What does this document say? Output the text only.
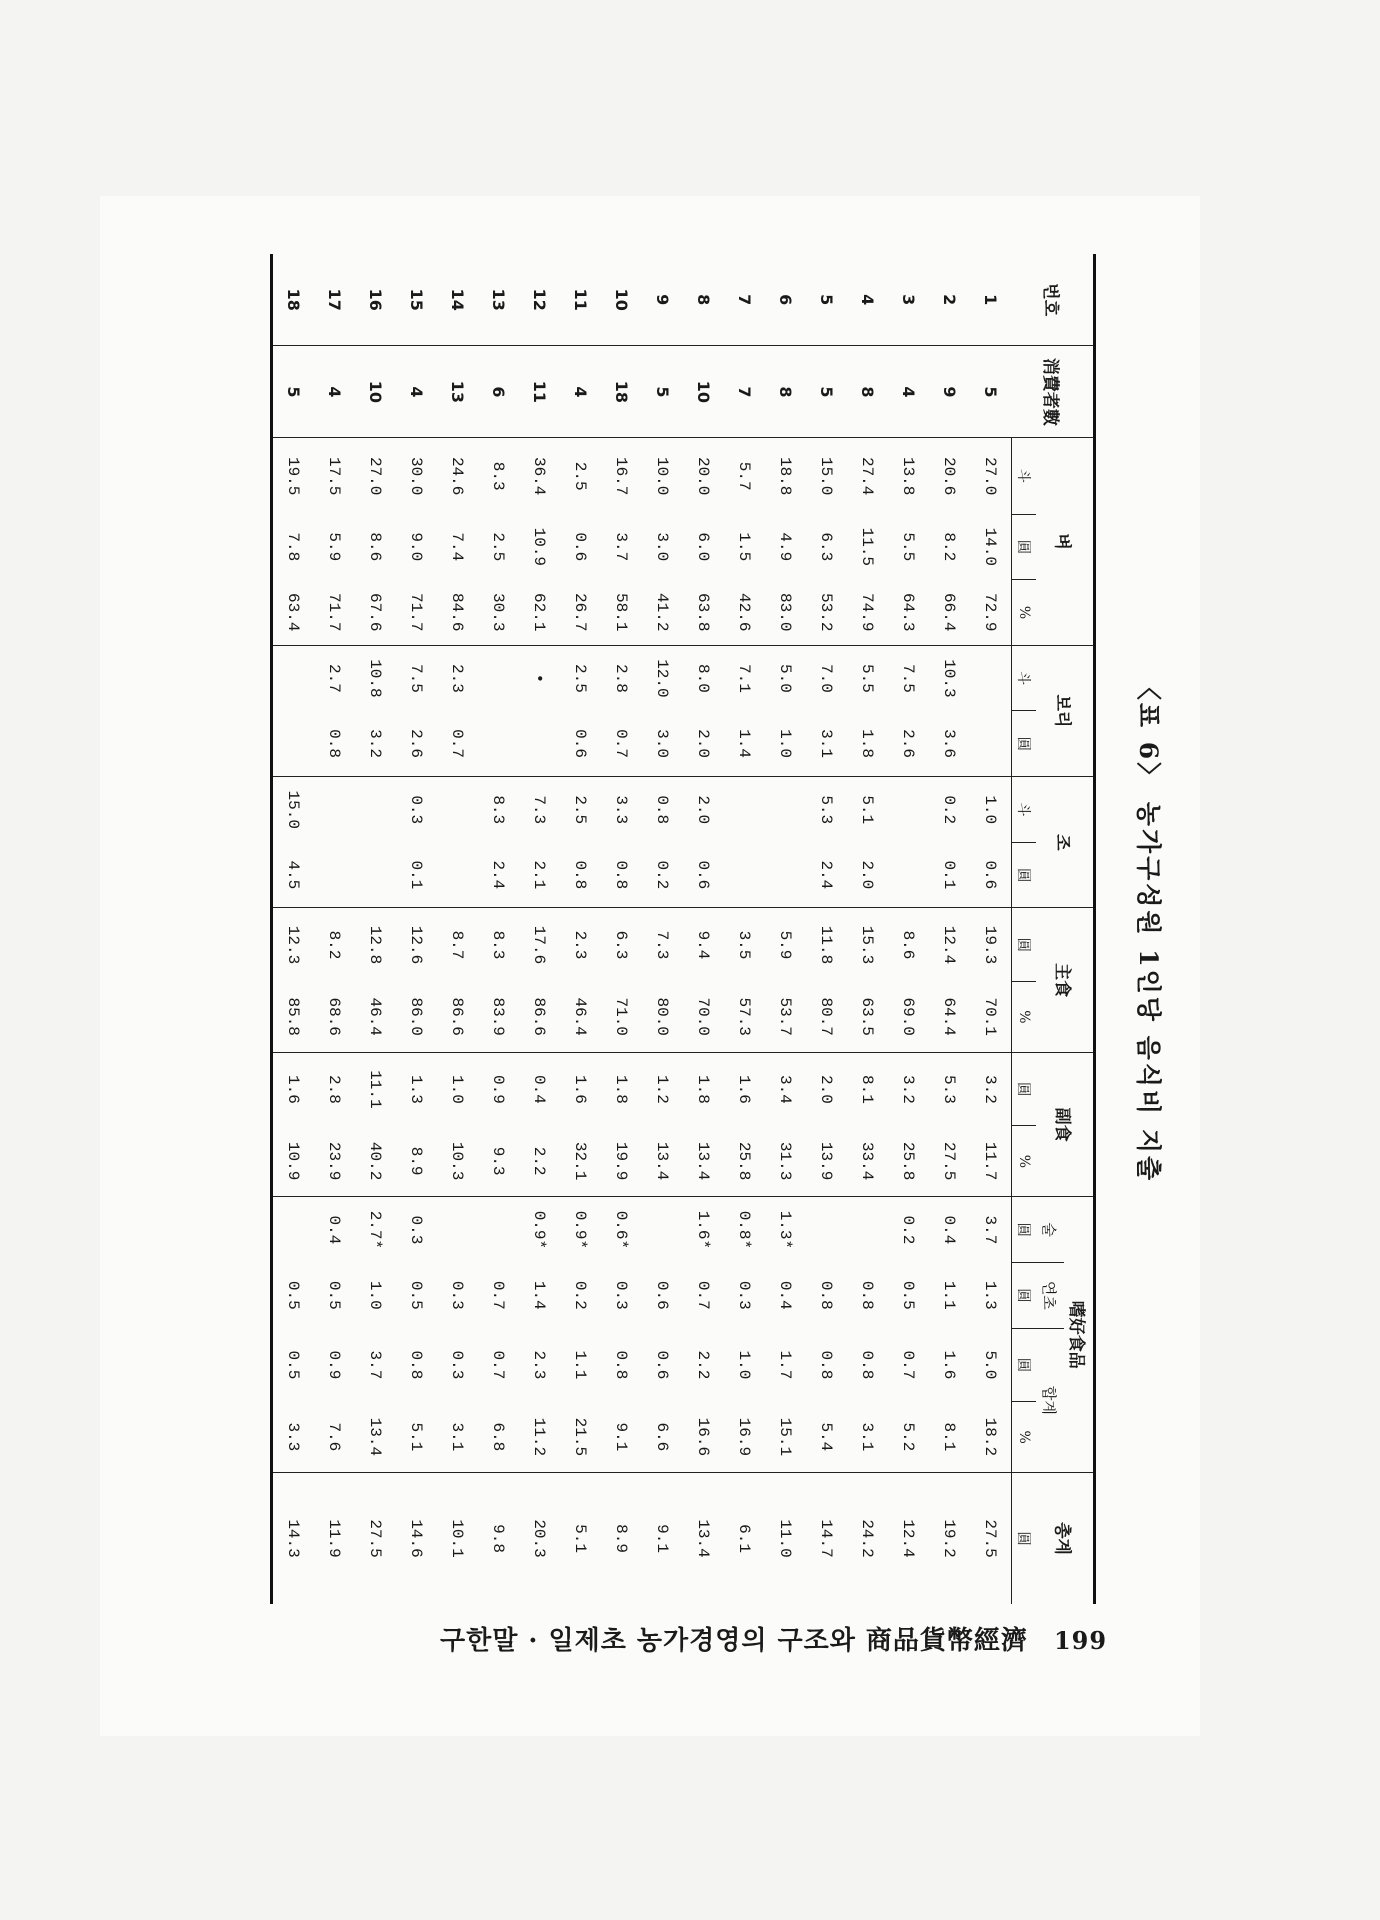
〈표 6〉 농가구성원 1인당 음식비 지출
번호	消費者數	벼			보리		조		主食		副食		嗜好食品				총계
													술	연초	합계		
		斗	圓	%	斗	圓	斗	圓	圓	%	圓	%	圓	圓	圓	%	圓
1	5	27.0	14.0	72.9			1.0	0.6	19.3	70.1	3.2	11.7	3.7	1.3	5.0	18.2	27.5
2	9	20.6	8.2	66.4	10.3	3.6	0.2	0.1	12.4	64.4	5.3	27.5	0.4	1.1	1.6	8.1	19.2
3	4	13.8	5.5	64.3	7.5	2.6			8.6	69.0	3.2	25.8	0.2	0.5	0.7	5.2	12.4
4	8	27.4	11.5	74.9	5.5	1.8	5.1	2.0	15.3	63.5	8.1	33.4		0.8	0.8	3.1	24.2
5	5	15.0	6.3	53.2	7.0	3.1	5.3	2.4	11.8	80.7	2.0	13.9		0.8	0.8	5.4	14.7
6	8	18.8	4.9	83.0	5.0	1.0			5.9	53.7	3.4	31.3	1.3*	0.4	1.7	15.1	11.0
7	7	5.7	1.5	42.6	7.1	1.4			3.5	57.3	1.6	25.8	0.8*	0.3	1.0	16.9	6.1
8	10	20.0	6.0	63.8	8.0	2.0	2.0	0.6	9.4	70.0	1.8	13.4	1.6*	0.7	2.2	16.6	13.4
9	5	10.0	3.0	41.2	12.0	3.0	0.8	0.2	7.3	80.0	1.2	13.4		0.6	0.6	6.6	9.1
10	18	16.7	3.7	58.1	2.8	0.7	3.3	0.8	6.3	71.0	1.8	19.9	0.6*	0.3	0.8	9.1	8.9
11	4	2.5	0.6	26.7	2.5	0.6	2.5	0.8	2.3	46.4	1.6	32.1	0.9*	0.2	1.1	21.5	5.1
12	11	36.4	10.9	62.1	•		7.3	2.1	17.6	86.6	0.4	2.2	0.9*	1.4	2.3	11.2	20.3
13	6	8.3	2.5	30.3			8.3	2.4	8.3	83.9	0.9	9.3		0.7	0.7	6.8	9.8
14	13	24.6	7.4	84.6	2.3	0.7			8.7	86.6	1.0	10.3		0.3	0.3	3.1	10.1
15	4	30.0	9.0	71.7	7.5	2.6	0.3	0.1	12.6	86.0	1.3	8.9	0.3	0.5	0.8	5.1	14.6
16	10	27.0	8.6	67.6	10.8	3.2			12.8	46.4	11.1	40.2	2.7*	1.0	3.7	13.4	27.5
17	4	17.5	5.9	71.7	2.7	0.8			8.2	68.6	2.8	23.9	0.4	0.5	0.9	7.6	11.9
18	5	19.5	7.8	63.4			15.0	4.5	12.3	85.8	1.6	10.9		0.5	0.5	3.3	14.3
구한말 · 일제초 농가경영의 구조와 商品貨幣經濟 199
